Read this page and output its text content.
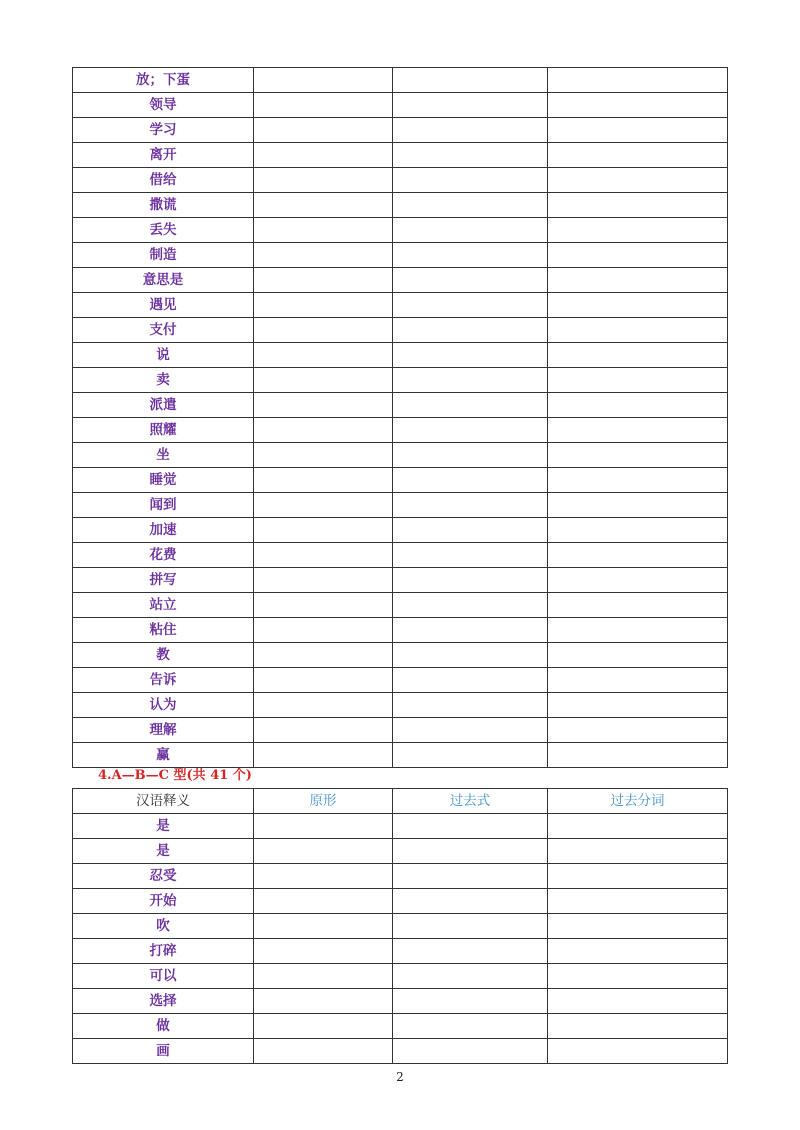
放；下蛋			
领导			
学习			
离开			
借给			
撒谎			
丢失			
制造			
意思是			
遇见			
支付			
说			
卖			
派遣			
照耀			
坐			
睡觉			
闻到			
加速			
花费			
拼写			
站立			
粘住			
教			
告诉			
认为			
理解			
赢			
4.A—B—C 型(共 41 个)
汉语释义	原形	过去式	过去分词
是			
是			
忍受			
开始			
吹			
打碎			
可以			
选择			
做			
画			
2
